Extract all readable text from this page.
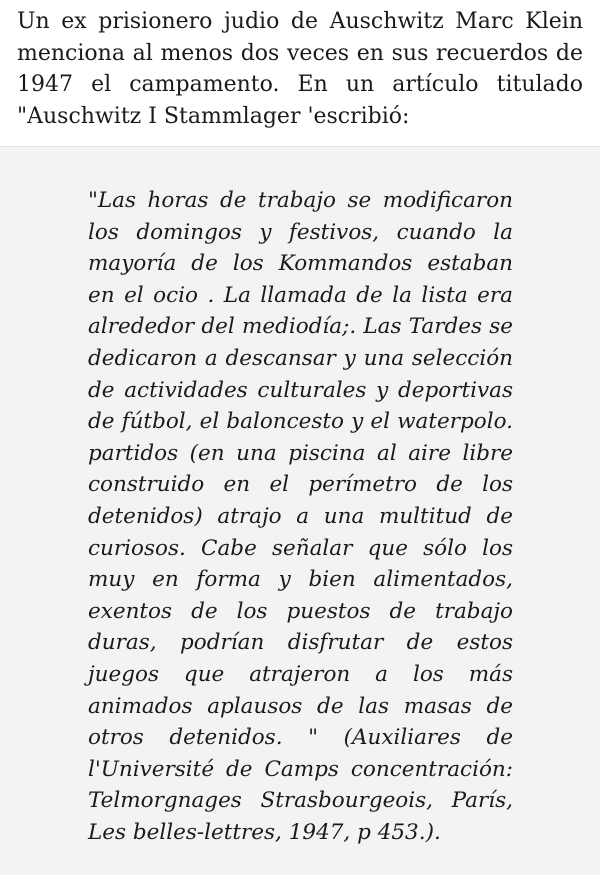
Un ex prisionero judio de Auschwitz Marc Klein menciona al menos dos veces en sus recuerdos de 1947 el campamento. En un artículo titulado "Auschwitz I Stammlager 'escribió:

"Las horas de trabajo se modificaron los domingos y festivos, cuando la mayoría de los Kommandos estaban en el ocio . La llamada de la lista era alrededor del mediodía;. Las Tardes se dedicaron a descansar y una selección de actividades culturales y deportivas de fútbol, el baloncesto y el waterpolo. partidos (en una piscina al aire libre construido en el perímetro de los detenidos) atrajo a una multitud de curiosos. Cabe señalar que sólo los muy en forma y bien alimentados, exentos de los puestos de trabajo duras, podrían disfrutar de estos juegos que atrajeron a los más animados aplausos de las masas de otros detenidos. " (Auxiliares de l'Université de Camps concentración: Telmorgnages Strasbourgeois, París, Les belles-lettres, 1947, p 453.).
